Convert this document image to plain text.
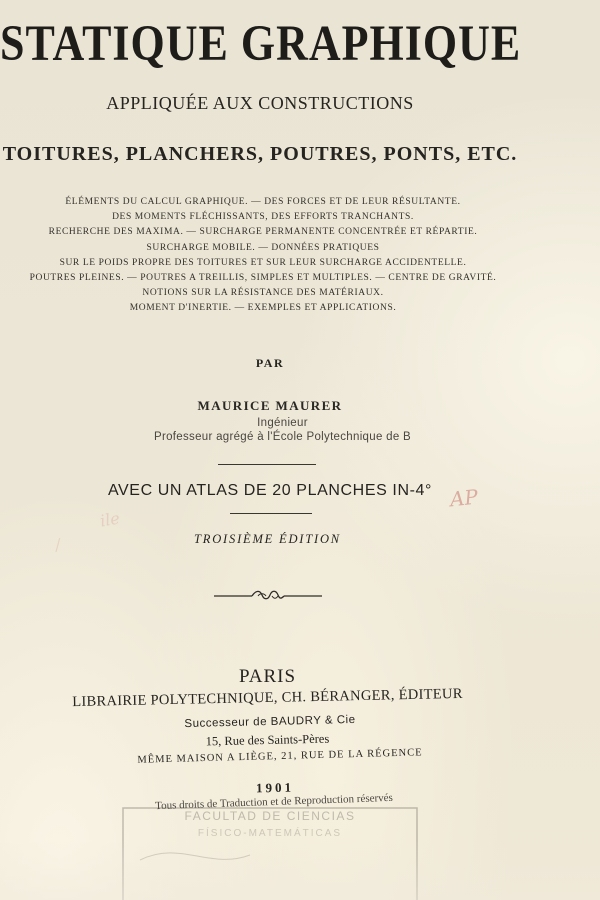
STATIQUE GRAPHIQUE
APPLIQUÉE AUX CONSTRUCTIONS
TOITURES, PLANCHERS, POUTRES, PONTS, ETC.
ÉLÉMENTS DU CALCUL GRAPHIQUE. — DES FORCES ET DE LEUR RÉSULTANTE.
DES MOMENTS FLÉCHISSANTS, DES EFFORTS TRANCHANTS.
RECHERCHE DES MAXIMA. — SURCHARGE PERMANENTE CONCENTRÉE ET RÉPARTIE.
SURCHARGE MOBILE. — DONNÉES PRATIQUES
SUR LE POIDS PROPRE DES TOITURES ET SUR LEUR SURCHARGE ACCIDENTELLE.
POUTRES PLEINES. — POUTRES A TREILLIS, SIMPLES ET MULTIPLES. — CENTRE DE GRAVITÉ.
NOTIONS SUR LA RÉSISTANCE DES MATÉRIAUX.
MOMENT D'INERTIE. — EXEMPLES ET APPLICATIONS.
PAR
MAURICE MAURER
Ingénieur
Professeur agrégé à l'École Polytechnique de B
AVEC UN ATLAS DE 20 PLANCHES IN-4°
TROISIÈME ÉDITION
PARIS
LIBRAIRIE POLYTECHNIQUE, CH. BÉRANGER, ÉDITEUR
Successeur de BAUDRY & Cie
15, Rue des Saints-Pères
MÊME MAISON A LIÈGE, 21, RUE DE LA RÉGENCE
1901
Tous droits de Traduction et de Reproduction réservés
FACULTAD DE CIENCIAS
FÍSICO-MATEMÁTICAS
AP
ile
/
